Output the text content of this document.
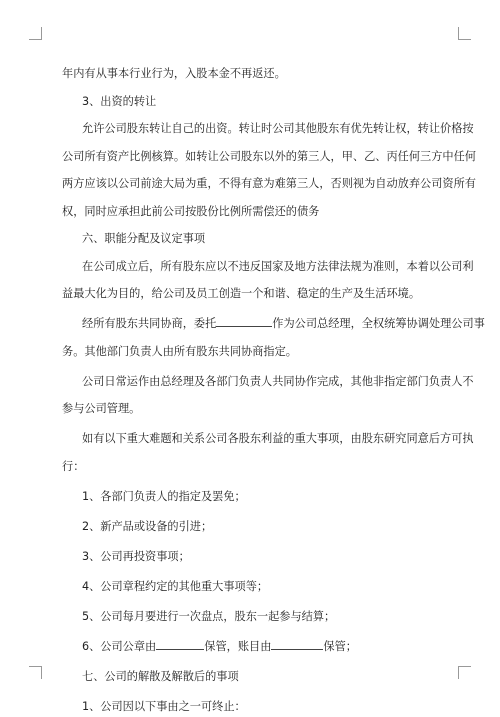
年内有从事本行业行为，入股本金不再返还。
3、出资的转让
允许公司股东转让自己的出资。转让时公司其他股东有优先转让权，转让价格按
公司所有资产比例核算。如转让公司股东以外的第三人，甲、乙、丙任何三方中任何
两方应该以公司前途大局为重，不得有意为难第三人，否则视为自动放弃公司资所有
权，同时应承担此前公司按股份比例所需偿还的债务
六、职能分配及议定事项
在公司成立后，所有股东应以不违反国家及地方法律法规为准则，本着以公司利
益最大化为目的，给公司及员工创造一个和谐、稳定的生产及生活环境。
经所有股东共同协商，委托	作为公司总经理，全权统筹协调处理公司事
务。其他部门负责人由所有股东共同协商指定。
公司日常运作由总经理及各部门负责人共同协作完成，其他非指定部门负责人不
参与公司管理。
如有以下重大难题和关系公司各股东利益的重大事项，由股东研究同意后方可执
行：
1、各部门负责人的指定及罢免；
2、新产品或设备的引进；
3、公司再投资事项；
4、公司章程约定的其他重大事项等；
5、公司每月要进行一次盘点，股东一起参与结算；
6、公司公章由	保管，账目由	保管；
七、公司的解散及解散后的事项
1、公司因以下事由之一可终止：
